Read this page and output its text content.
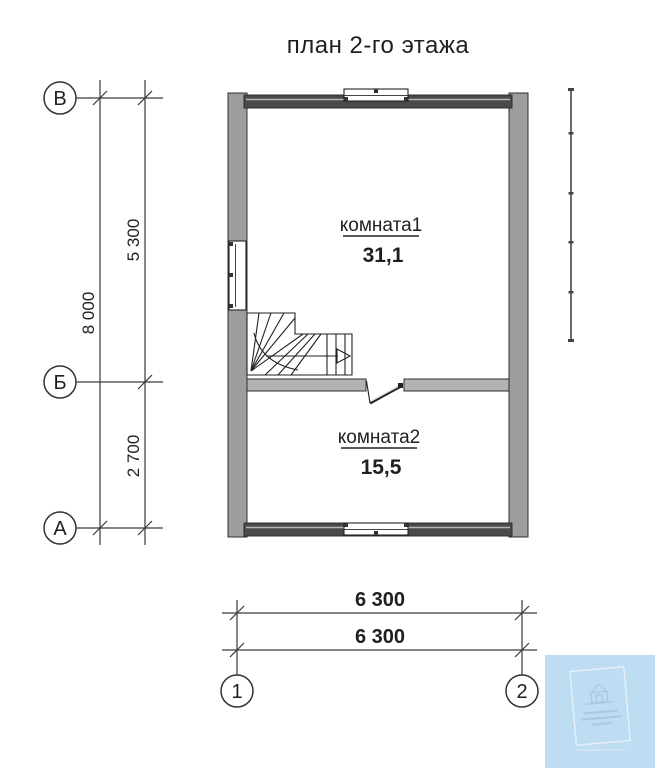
план 2-го этажа
В
Б
А
5 300
8 000
2 700
комната1
31,1
комната2
15,5
6 300
6 300
1	2
